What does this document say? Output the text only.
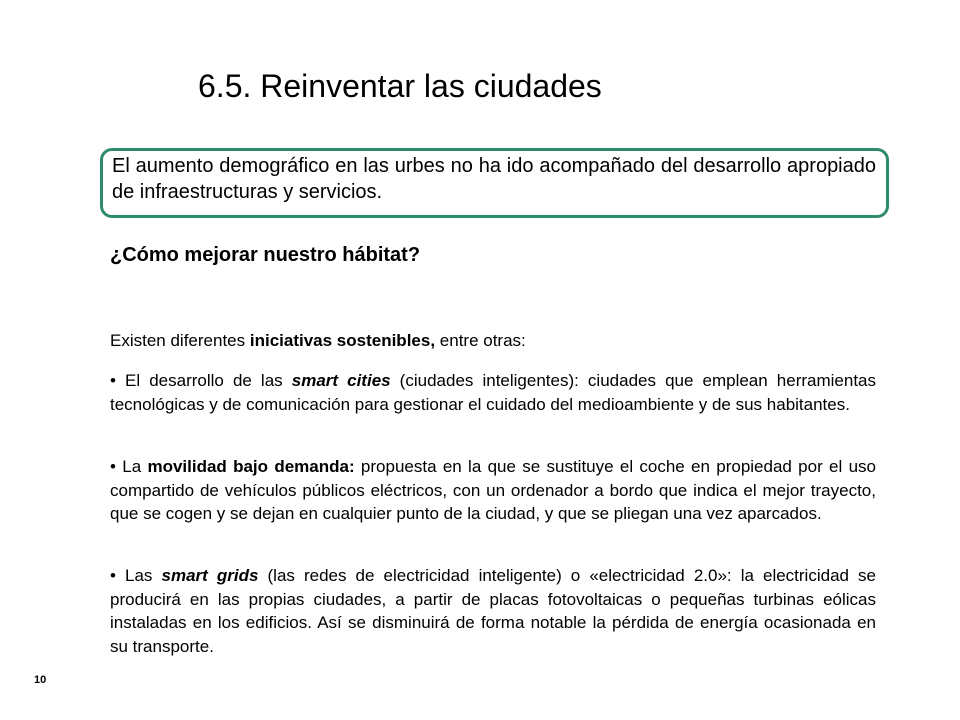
6.5. Reinventar las ciudades

El aumento demográfico en las urbes no ha ido acompañado del desarrollo apropiado de infraestructuras y servicios.

¿Cómo mejorar nuestro hábitat?

Existen diferentes iniciativas sostenibles, entre otras:

• El desarrollo de las smart cities (ciudades inteligentes): ciudades que emplean herramientas tecnológicas y de comunicación para gestionar el cuidado del medioambiente y de sus habitantes.

• La movilidad bajo demanda: propuesta en la que se sustituye el coche en propiedad por el uso compartido de vehículos públicos eléctricos, con un ordenador a bordo que indica el mejor trayecto, que se cogen y se dejan en cualquier punto de la ciudad, y que se pliegan una vez aparcados.

• Las smart grids (las redes de electricidad inteligente) o «electricidad 2.0»: la electricidad se producirá en las propias ciudades, a partir de placas fotovoltaicas o pequeñas turbinas eólicas instaladas en los edificios. Así se disminuirá de forma notable la pérdida de energía ocasionada en su transporte.

10
